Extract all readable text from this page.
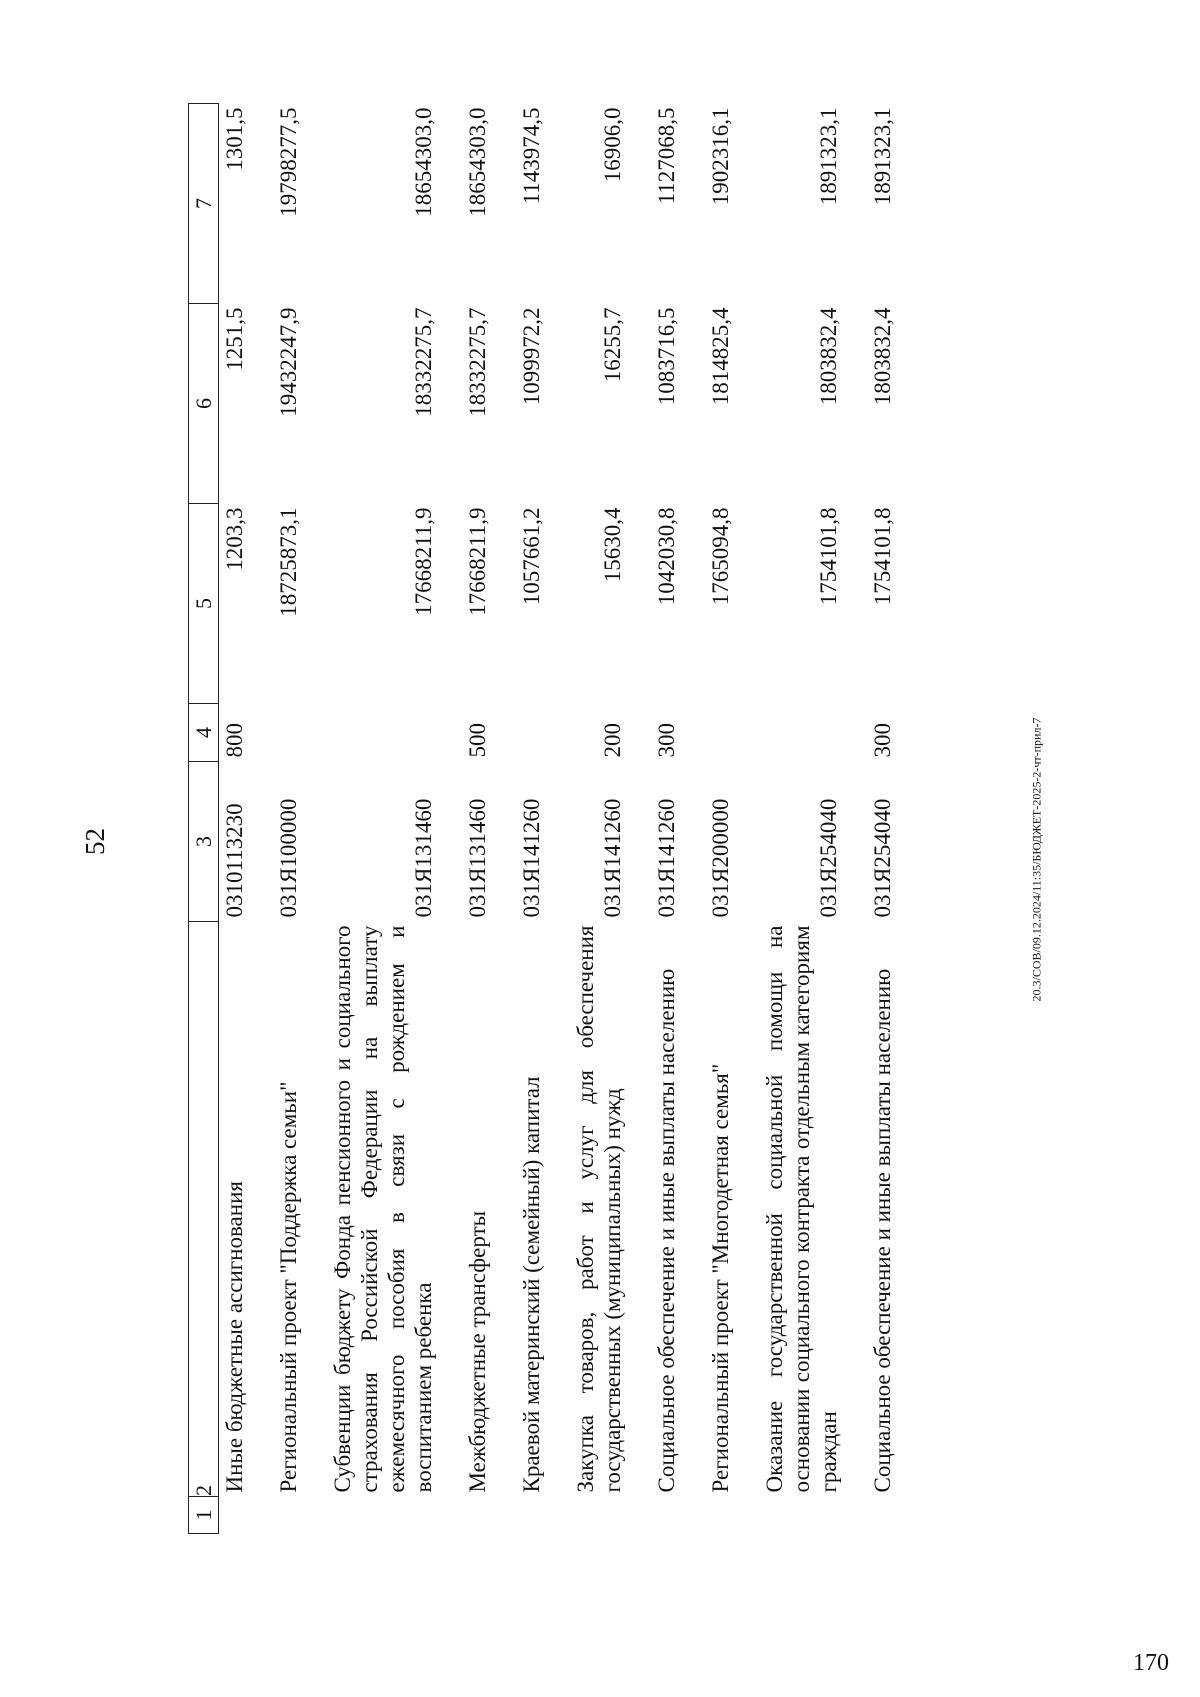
52
1	2	3	4	5	6	7
	Иные бюджетные ассигнования	0310113230	800	1203,3	1251,5	1301,5
	Региональный проект "Поддержка семьи"	031Я100000		18725873,1	19432247,9	19798277,5
	Субвенции бюджету Фонда пенсионного и социального страхования Российской Федерации на выплату ежемесячного пособия в связи с рождением и воспитанием ребенка	031Я131460		17668211,9	18332275,7	18654303,0
	Межбюджетные трансферты	031Я131460	500	17668211,9	18332275,7	18654303,0
	Краевой материнский (семейный) капитал	031Я141260		1057661,2	1099972,2	1143974,5
	Закупка товаров, работ и услуг для обеспечения государственных (муниципальных) нужд	031Я141260	200	15630,4	16255,7	16906,0
	Социальное обеспечение и иные выплаты населению	031Я141260	300	1042030,8	1083716,5	1127068,5
	Региональный проект "Многодетная семья"	031Я200000		1765094,8	1814825,4	1902316,1
	Оказание государственной социальной помощи на основании социального контракта отдельным категориям граждан	031Я254040		1754101,8	1803832,4	1891323,1
	Социальное обеспечение и иные выплаты населению	031Я254040	300	1754101,8	1803832,4	1891323,1
20.3/СОВ/09.12.2024/11:35/БЮДЖЕТ-2025-2-чт-прил-7
170
